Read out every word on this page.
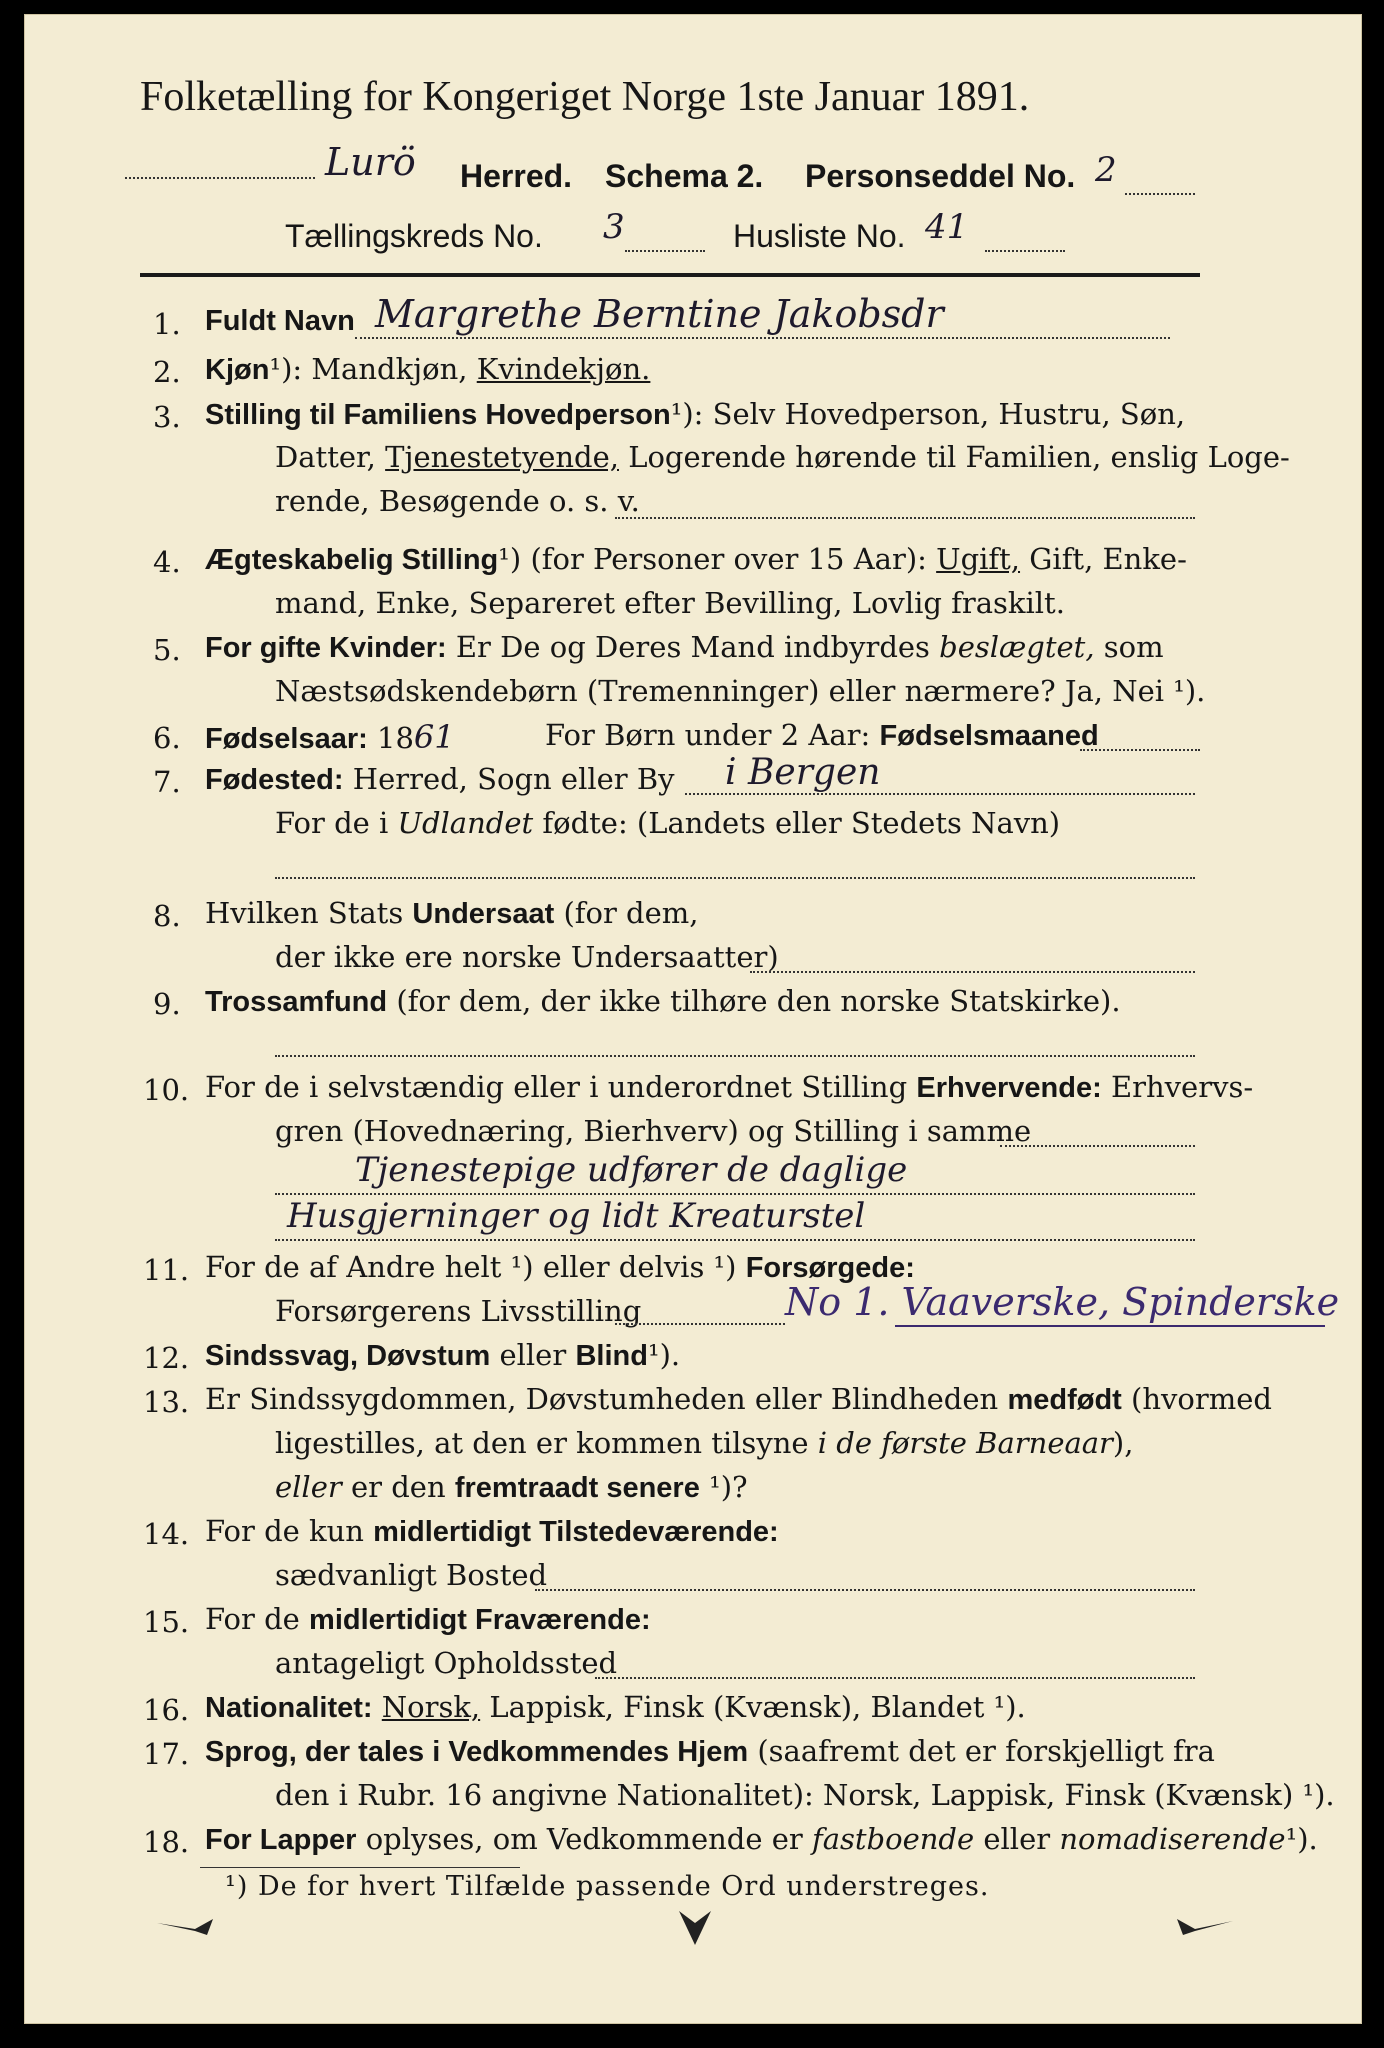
Folketælling for Kongeriget Norge 1ste Januar 1891.
Lurö Herred. Schema 2. Personseddel No. 2
Tællingskreds No. 3	Husliste No. 41
1. Fuldt Navn Margrethe Berntine Jakobsdr
2. Kjøn¹): Mandkjøn, Kvindekjøn.
3. Stilling til Familiens Hovedperson¹): Selv Hovedperson, Hustru, Søn,
Datter, Tjenestetyende, Logerende hørende til Familien, enslig Loge-
rende, Besøgende o. s. v.
4. Ægteskabelig Stilling¹) (for Personer over 15 Aar): Ugift, Gift, Enke-
mand, Enke, Separeret efter Bevilling, Lovlig fraskilt.
5. For gifte Kvinder: Er De og Deres Mand indbyrdes beslægtet, som
Næstsødskendebørn (Tremenninger) eller nærmere? Ja, Nei ¹).
6. Fødselsaar: 1861	For Børn under 2 Aar: Fødselsmaaned
7. Fødested: Herred, Sogn eller By i Bergen
For de i Udlandet fødte: (Landets eller Stedets Navn)
8. Hvilken Stats Undersaat (for dem,
der ikke ere norske Undersaatter)
9. Trossamfund (for dem, der ikke tilhøre den norske Statskirke).
10. For de i selvstændig eller i underordnet Stilling Erhvervende: Erhvervs-
gren (Hovednæring, Bierhverv) og Stilling i samme
Tjenestepige udfører de daglige
Husgjerninger og lidt Kreaturstel
11. For de af Andre helt ¹) eller delvis ¹) Forsørgede:
Forsørgerens Livsstilling	No 1. Vaaverske, Spinderske
12. Sindssvag, Døvstum eller Blind¹).
13. Er Sindssygdommen, Døvstumheden eller Blindheden medfødt (hvormed
ligestilles, at den er kommen tilsyne i de første Barneaar),
eller er den fremtraadt senere ¹)?
14. For de kun midlertidigt Tilstedeværende:
sædvanligt Bosted
15. For de midlertidigt Fraværende:
antageligt Opholdssted
16. Nationalitet: Norsk, Lappisk, Finsk (Kvænsk), Blandet ¹).
17. Sprog, der tales i Vedkommendes Hjem (saafremt det er forskjelligt fra
den i Rubr. 16 angivne Nationalitet): Norsk, Lappisk, Finsk (Kvænsk) ¹).
18. For Lapper oplyses, om Vedkommende er fastboende eller nomadiserende¹).
¹) De for hvert Tilfælde passende Ord understreges.
